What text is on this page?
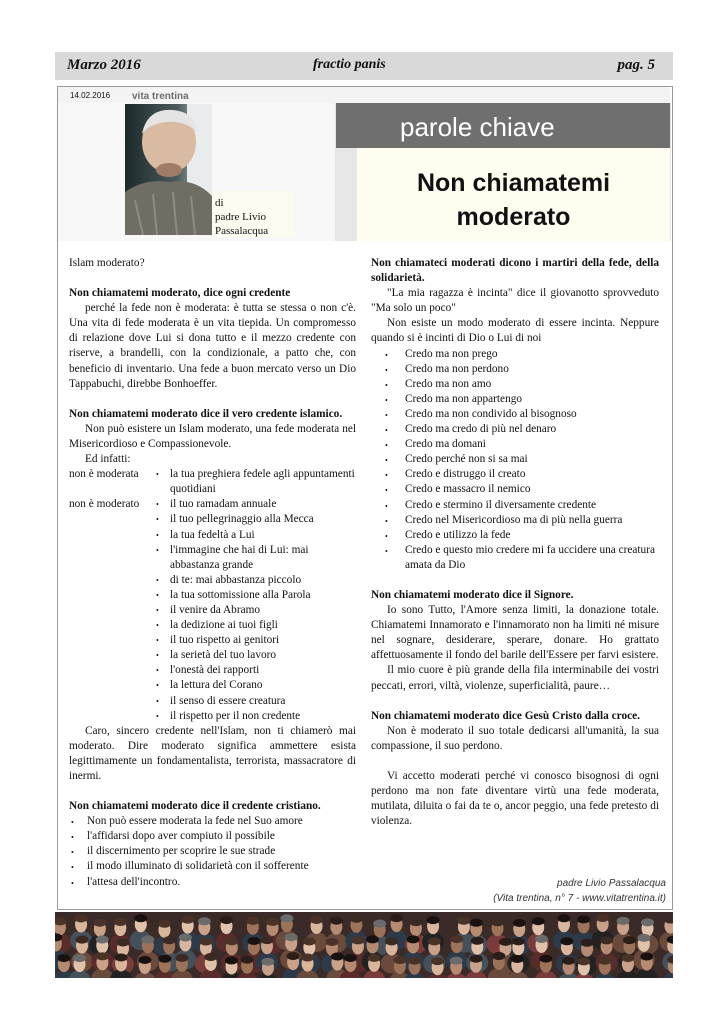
Marzo 2016	fractio panis	pag. 5
14.02.2016 vita trentina
parole chiave
Non chiamatemi
moderato
di
padre Livio
Passalacqua

Islam moderato?

Non chiamatemi moderato, dice ogni credente

perché la fede non è moderata: è tutta se stessa o non c'è. Una vita di fede moderata è un vita tiepida. Un compromesso di relazione dove Lui si dona tutto e il mezzo credente con riserve, a brandelli, con la condizionale, a patto che, con beneficio di inventario. Una fede a buon mercato verso un Dio Tappabuchi, direbbe Bonhoeffer.

Non chiamatemi moderato dice il vero credente islamico.

Non può esistere un Islam moderato, una fede moderata nel Misericordioso e Compassionevole.

Ed infatti:

non è moderata	• la tua preghiera fedele agli appuntamenti quotidiani
non è moderato	• il tuo ramadam annuale
• il tuo pellegrinaggio alla Mecca
• la tua fedeltà a Lui
• l'immagine che hai di Lui: mai abbastanza grande
• di te: mai abbastanza piccolo
• la tua sottomissione alla Parola
• il venire da Abramo
• la dedizione ai tuoi figli
• il tuo rispetto ai genitori
• la serietà del tuo lavoro
• l'onestà dei rapporti
• la lettura del Corano
• il senso di essere creatura
• il rispetto per il non credente

Caro, sincero credente nell'Islam, non ti chiamerò mai moderato. Dire moderato significa ammettere esista legittimamente un fondamentalista, terrorista, massacratore di inermi.

Non chiamatemi moderato dice il credente cristiano.

• Non può essere moderata la fede nel Suo amore
• l'affidarsi dopo aver compiuto il possibile
• il discernimento per scoprire le sue strade
• il modo illuminato di solidarietà con il sofferente
• l'attesa dell'incontro.

Non chiamateci moderati dicono i martiri della fede, della solidarietà.

"La mia ragazza è incinta" dice il giovanotto sprovveduto "Ma solo un poco"

Non esiste un modo moderato di essere incinta. Neppure quando si è incinti di Dio o Lui di noi

• Credo ma non prego
• Credo ma non perdono
• Credo ma non amo
• Credo ma non appartengo
• Credo ma non condivido al bisognoso
• Credo ma credo di più nel denaro
• Credo ma domani
• Credo perché non si sa mai
• Credo e distruggo il creato
• Credo e massacro il nemico
• Credo e stermino il diversamente credente
• Credo nel Misericordioso ma di più nella guerra
• Credo e utilizzo la fede
• Credo e questo mio credere mi fa uccidere una creatura amata da Dio

Non chiamatemi moderato dice il Signore.

Io sono Tutto, l'Amore senza limiti, la donazione totale. Chiamatemi Innamorato e l'innamorato non ha limiti né misure nel sognare, desiderare, sperare, donare. Ho grattato affettuosamente il fondo del barile dell'Essere per farvi esistere.

Il mio cuore è più grande della fila interminabile dei vostri peccati, errori, viltà, violenze, superficialità, paure…

Non chiamatemi moderato dice Gesù Cristo dalla croce.

Non è moderato il suo totale dedicarsi all'umanità, la sua compassione, il suo perdono.

Vi accetto moderati perché vi conosco bisognosi di ogni perdono ma non fate diventare virtù una fede moderata, mutilata, diluita o fai da te o, ancor peggio, una fede pretesto di violenza.

padre Livio Passalacqua
(Vita trentina, n° 7 - www.vitatrentina.it)
